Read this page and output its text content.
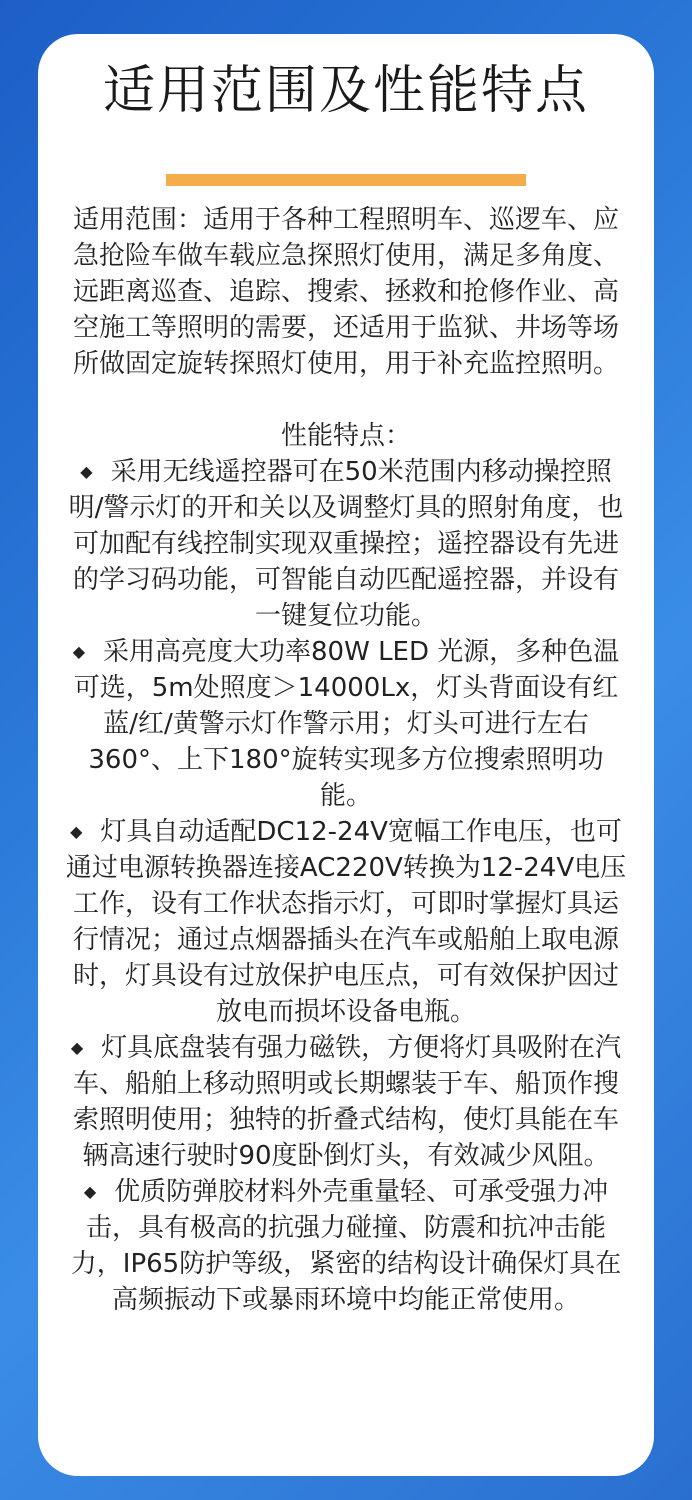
适用范围及性能特点

适用范围：适用于各种工程照明车、巡逻车、应急抢险车做车载应急探照灯使用，满足多角度、远距离巡查、追踪、搜索、拯救和抢修作业、高空施工等照明的需要，还适用于监狱、井场等场所做固定旋转探照灯使用，用于补充监控照明。

性能特点：

◆ 采用无线遥控器可在50米范围内移动操控照明/警示灯的开和关以及调整灯具的照射角度，也可加配有线控制实现双重操控；遥控器设有先进的学习码功能，可智能自动匹配遥控器，并设有一键复位功能。

◆ 采用高亮度大功率80W LED 光源，多种色温可选，5m处照度＞14000Lx，灯头背面设有红蓝/红/黄警示灯作警示用；灯头可进行左右360°、上下180°旋转实现多方位搜索照明功能。

◆ 灯具自动适配DC12-24V宽幅工作电压，也可通过电源转换器连接AC220V转换为12-24V电压工作，设有工作状态指示灯，可即时掌握灯具运行情况；通过点烟器插头在汽车或船舶上取电源时，灯具设有过放保护电压点，可有效保护因过放电而损坏设备电瓶。

◆ 灯具底盘装有强力磁铁，方便将灯具吸附在汽车、船舶上移动照明或长期螺装于车、船顶作搜索照明使用；独特的折叠式结构，使灯具能在车辆高速行驶时90度卧倒灯头，有效减少风阻。

◆ 优质防弹胶材料外壳重量轻、可承受强力冲击，具有极高的抗强力碰撞、防震和抗冲击能力，IP65防护等级，紧密的结构设计确保灯具在高频振动下或暴雨环境中均能正常使用。
